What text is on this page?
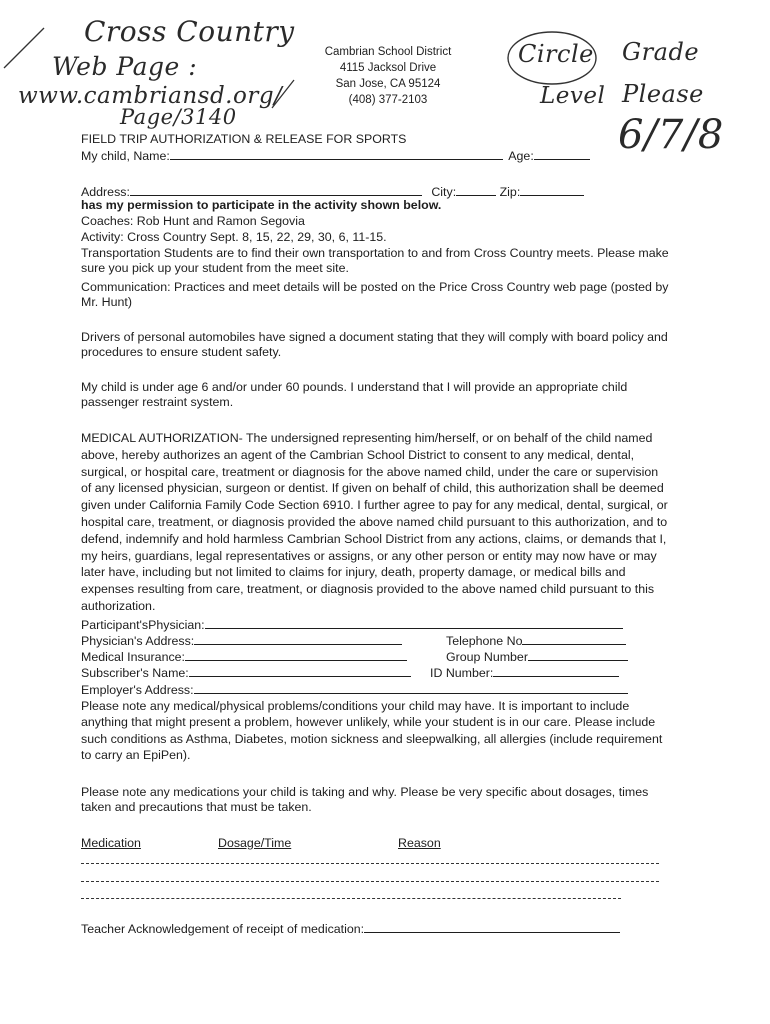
Cross Country
Web Page :
www.cambriansd.org/
Page/3140
Circle Grade
Level Please
6/7/8
Cambrian School District
4115 Jacksol Drive
San Jose, CA 95124
(408) 377-2103
FIELD TRIP AUTHORIZATION & RELEASE FOR SPORTS
My child, Name:	Age:
Address:	City:	Zip:
has my permission to participate in the activity shown below.
Coaches: Rob Hunt and Ramon Segovia
Activity: Cross Country Sept. 8, 15, 22, 29, 30, 6, 11-15.
Transportation Students are to find their own transportation to and from Cross Country meets. Please make sure you pick up your student from the meet site.
Communication: Practices and meet details will be posted on the Price Cross Country web page (posted by Mr. Hunt)
Drivers of personal automobiles have signed a document stating that they will comply with board policy and procedures to ensure student safety.
My child is under age 6 and/or under 60 pounds. I understand that I will provide an appropriate child passenger restraint system.
MEDICAL AUTHORIZATION- The undersigned representing him/herself, or on behalf of the child named above, hereby authorizes an agent of the Cambrian School District to consent to any medical, dental, surgical, or hospital care, treatment or diagnosis for the above named child, under the care or supervision of any licensed physician, surgeon or dentist. If given on behalf of child, this authorization shall be deemed given under California Family Code Section 6910. I further agree to pay for any medical, dental, surgical, or hospital care, treatment, or diagnosis provided the above named child pursuant to this authorization, and to defend, indemnify and hold harmless Cambrian School District from any actions, claims, or demands that I, my heirs, guardians, legal representatives or assigns, or any other person or entity may now have or may later have, including but not limited to claims for injury, death, property damage, or medical bills and expenses resulting from care, treatment, or diagnosis provided to the above named child pursuant to this authorization.
Participant'sPhysician:
Physician's Address:	Telephone No
Medical Insurance:	Group Number
Subscriber's Name:	ID Number:
Employer's Address:
Please note any medical/physical problems/conditions your child may have. It is important to include anything that might present a problem, however unlikely, while your student is in our care. Please include such conditions as Asthma, Diabetes, motion sickness and sleepwalking, all allergies (include requirement to carry an EpiPen).
Please note any medications your child is taking and why. Please be very specific about dosages, times taken and precautions that must be taken.
Medication	Dosage/Time	Reason
Teacher Acknowledgement of receipt of medication:
